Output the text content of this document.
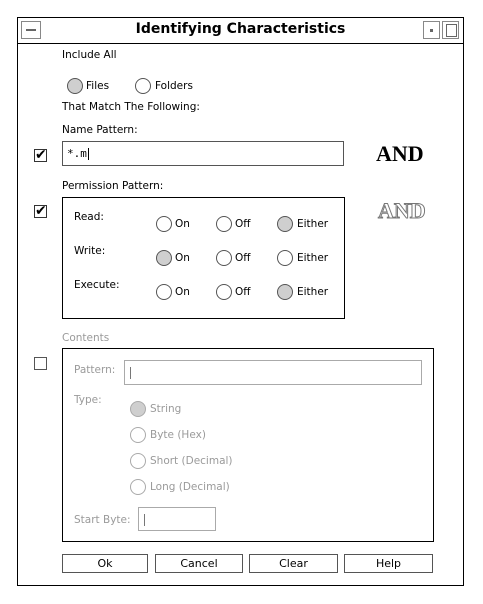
Identifying Characteristics
Include All
Files	Folders
That Match The Following:
Name Pattern:
✔	*.m	AND
Permission Pattern:
✔	AND
Read:
On	Off	Either
Write:
On	Off	Either
Execute:
On	Off	Either
Contents
Pattern:
Type:
String
Byte (Hex)
Short (Decimal)
Long (Decimal)
Start Byte:
Ok	Cancel	Clear	Help
